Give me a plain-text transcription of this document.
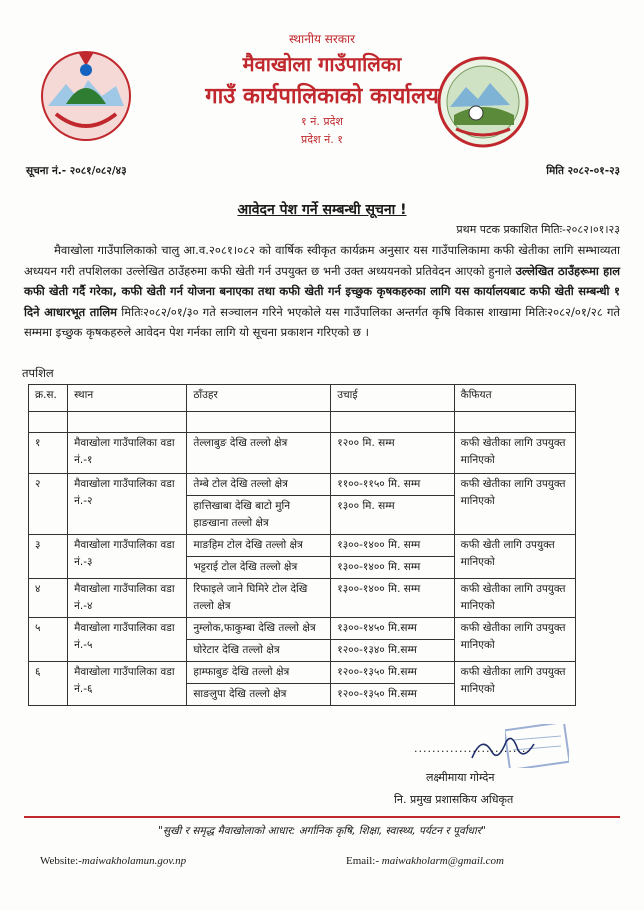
स्थानीय सरकार
मैवाखोला गाउँपालिका
गाउँ कार्यपालिकाको कार्यालय
१ नं. प्रदेश
प्रदेश नं. १
सूचना नं.- २०८१/०८२/४३	मिति २०८२-०१-२३
आवेदन पेश गर्ने सम्बन्धी सूचना !
प्रथम पटक प्रकाशित मितिः-२०८२।०१।२३
मैवाखोला गाउँपालिकाको चालु आ.व.२०८१।०८२ को वार्षिक स्वीकृत कार्यक्रम अनुसार यस गाउँपालिकामा कफी खेतीका लागि सम्भाव्यता अध्ययन गरी तपशिलका उल्लेखित ठाउँहरुमा कफी खेती गर्न उपयुक्त छ भनी उक्त अध्ययनको प्रतिवेदन आएको हुनाले उल्लेखित ठाउँहरूमा हाल कफी खेती गर्दै गरेका, कफी खेती गर्न योजना बनाएका तथा कफी खेती गर्न इच्छुक कृषकहरुका लागि यस कार्यालयबाट कफी खेती सम्बन्धी १ दिने आधारभूत तालिम मितिः२०८२/०१/३० गते सञ्चालन गरिने भएकोले यस गाउँपालिका अन्तर्गत कृषि विकास शाखामा मितिः२०८२/०१/२८ गते सम्ममा इच्छुक कृषकहरुले आवेदन पेश गर्नका लागि यो सूचना प्रकाशन गरिएको छ ।
तपशिल
क्र.स.	स्थान	ठाँउहर	उचाई	कैफियत

१	मैवाखोला गाउँपालिका वडा नं.-१	तेल्लाबुङ देखि तल्लो क्षेत्र	१२०० मि. सम्म	कफी खेतीका लागि उपयुक्त मानिएको
२	मैवाखोला गाउँपालिका वडा नं.-२	तेम्बे टोल देखि तल्लो क्षेत्र	११००-११५० मि. सम्म	कफी खेतीका लागि उपयुक्त मानिएको
		हात्तिखाबा देखि बाटो मुनि हाङखाना तल्लो क्षेत्र	१३०० मि. सम्म	
३	मैवाखोला गाउँपालिका वडा नं.-३	माङहिम टोल देखि तल्लो क्षेत्र	१३००-१४०० मि. सम्म	कफी खेती लागि उपयुक्त मानिएको
		भट्टराई टोल देखि तल्लो क्षेत्र	१३००-१४०० मि. सम्म	
४	मैवाखोला गाउँपालिका वडा नं.-४	रिफाइले जाने घिमिरे टोल देखि तल्लो क्षेत्र	१३००-१४०० मि. सम्म	कफी खेतीका लागि उपयुक्त मानिएको
५	मैवाखोला गाउँपालिका वडा नं.-५	नुम्लोक,फाकुम्बा देखि तल्लो क्षेत्र	१३००-१४५० मि.सम्म	कफी खेतीका लागि उपयुक्त मानिएको
		घोरेटार देखि तल्लो क्षेत्र	१२००-१३४० मि.सम्म	
६	मैवाखोला गाउँपालिका वडा नं.-६	हाम्फाबुङ देखि तल्लो क्षेत्र	१२००-१३५० मि.सम्म	कफी खेतीका लागि उपयुक्त मानिएको
		साङलुपा देखि तल्लो क्षेत्र	१२००-१३५० मि.सम्म	
..........................
लक्ष्मीमाया गोम्देन
नि. प्रमुख प्रशासकिय अधिकृत
"सुखी र समृद्ध मैवाखोलाको आधार: अर्गानिक कृषि, शिक्षा, स्वास्थ्य, पर्यटन र पूर्वाधार"
Website:-maiwakholamun.gov.np	Email:- maiwakholarm@gmail.com
